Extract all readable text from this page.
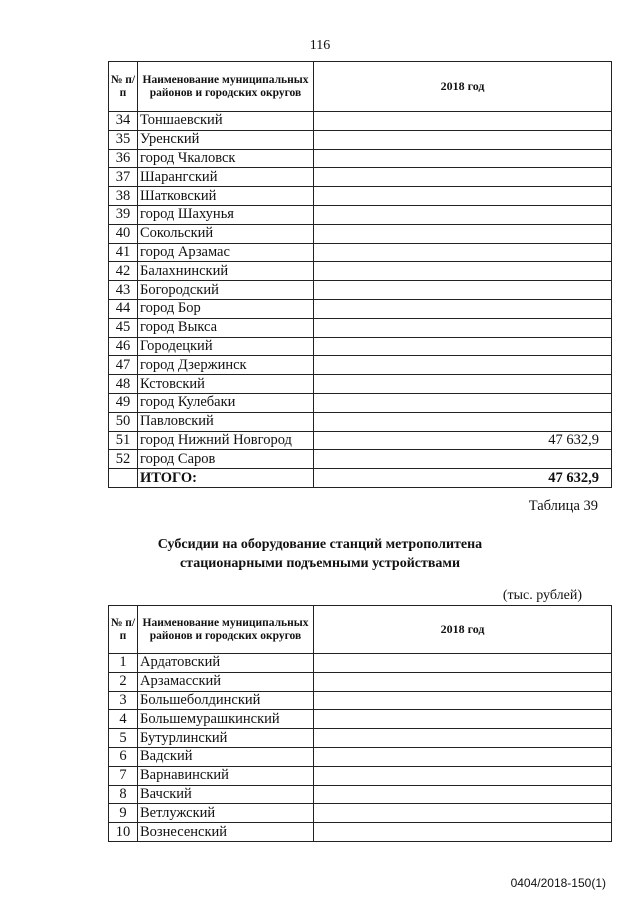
116
№ п/п	Наименование муниципальных районов и городских округов	2018 год
34	Тоншаевский	
35	Уренский	
36	город Чкаловск	
37	Шарангский	
38	Шатковский	
39	город Шахунья	
40	Сокольский	
41	город Арзамас	
42	Балахнинский	
43	Богородский	
44	город Бор	
45	город Выкса	
46	Городецкий	
47	город Дзержинск	
48	Кстовский	
49	город Кулебаки	
50	Павловский	
51	город Нижний Новгород	47 632,9
52	город Саров	
	ИТОГО:	47 632,9
Таблица 39
Субсидии на оборудование станций метрополитена
стационарными подъемными устройствами
(тыс. рублей)
№ п/п	Наименование муниципальных районов и городских округов	2018 год
1	Ардатовский	
2	Арзамасский	
3	Большеболдинский	
4	Большемурашкинский	
5	Бутурлинский	
6	Вадский	
7	Варнавинский	
8	Вачский	
9	Ветлужский	
10	Вознесенский	
0404/2018-150(1)
